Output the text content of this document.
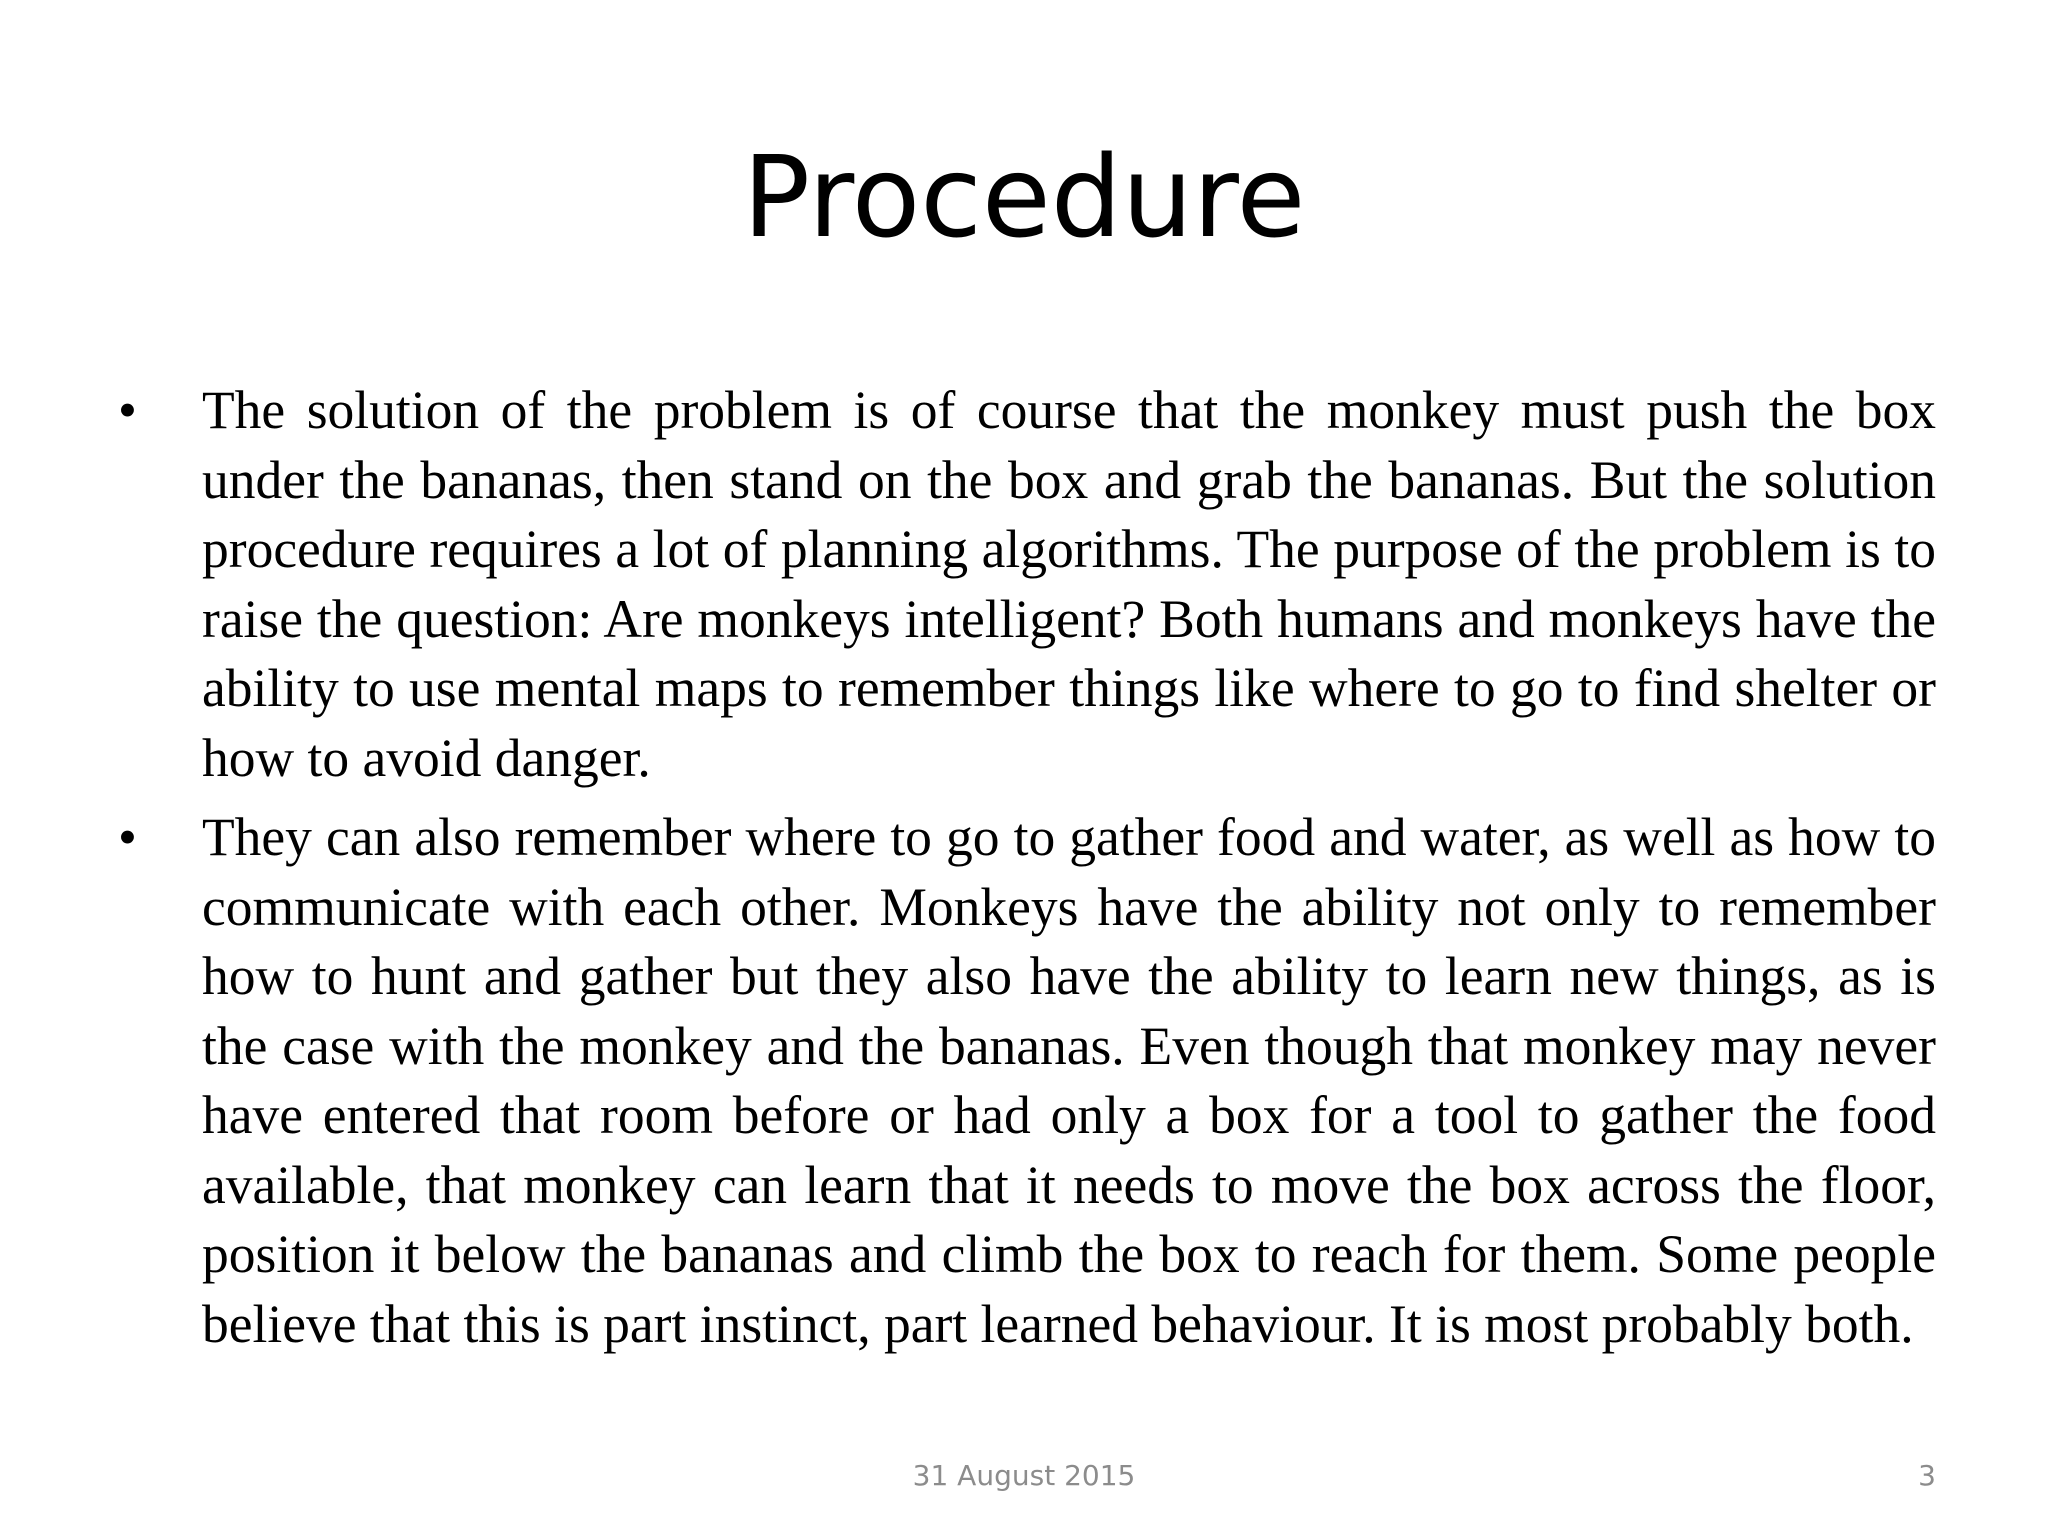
Procedure
• The solution of the problem is of course that the monkey must push the box under the bananas, then stand on the box and grab the bananas. But the solution procedure requires a lot of planning algorithms. The purpose of the problem is to raise the question: Are monkeys intelligent? Both humans and monkeys have the ability to use mental maps to remember things like where to go to find shelter or how to avoid danger.
• They can also remember where to go to gather food and water, as well as how to communicate with each other. Monkeys have the ability not only to remember how to hunt and gather but they also have the ability to learn new things, as is the case with the monkey and the bananas. Even though that monkey may never have entered that room before or had only a box for a tool to gather the food available, that monkey can learn that it needs to move the box across the floor, position it below the bananas and climb the box to reach for them. Some people believe that this is part instinct, part learned behaviour. It is most probably both.
31 August 2015	3
